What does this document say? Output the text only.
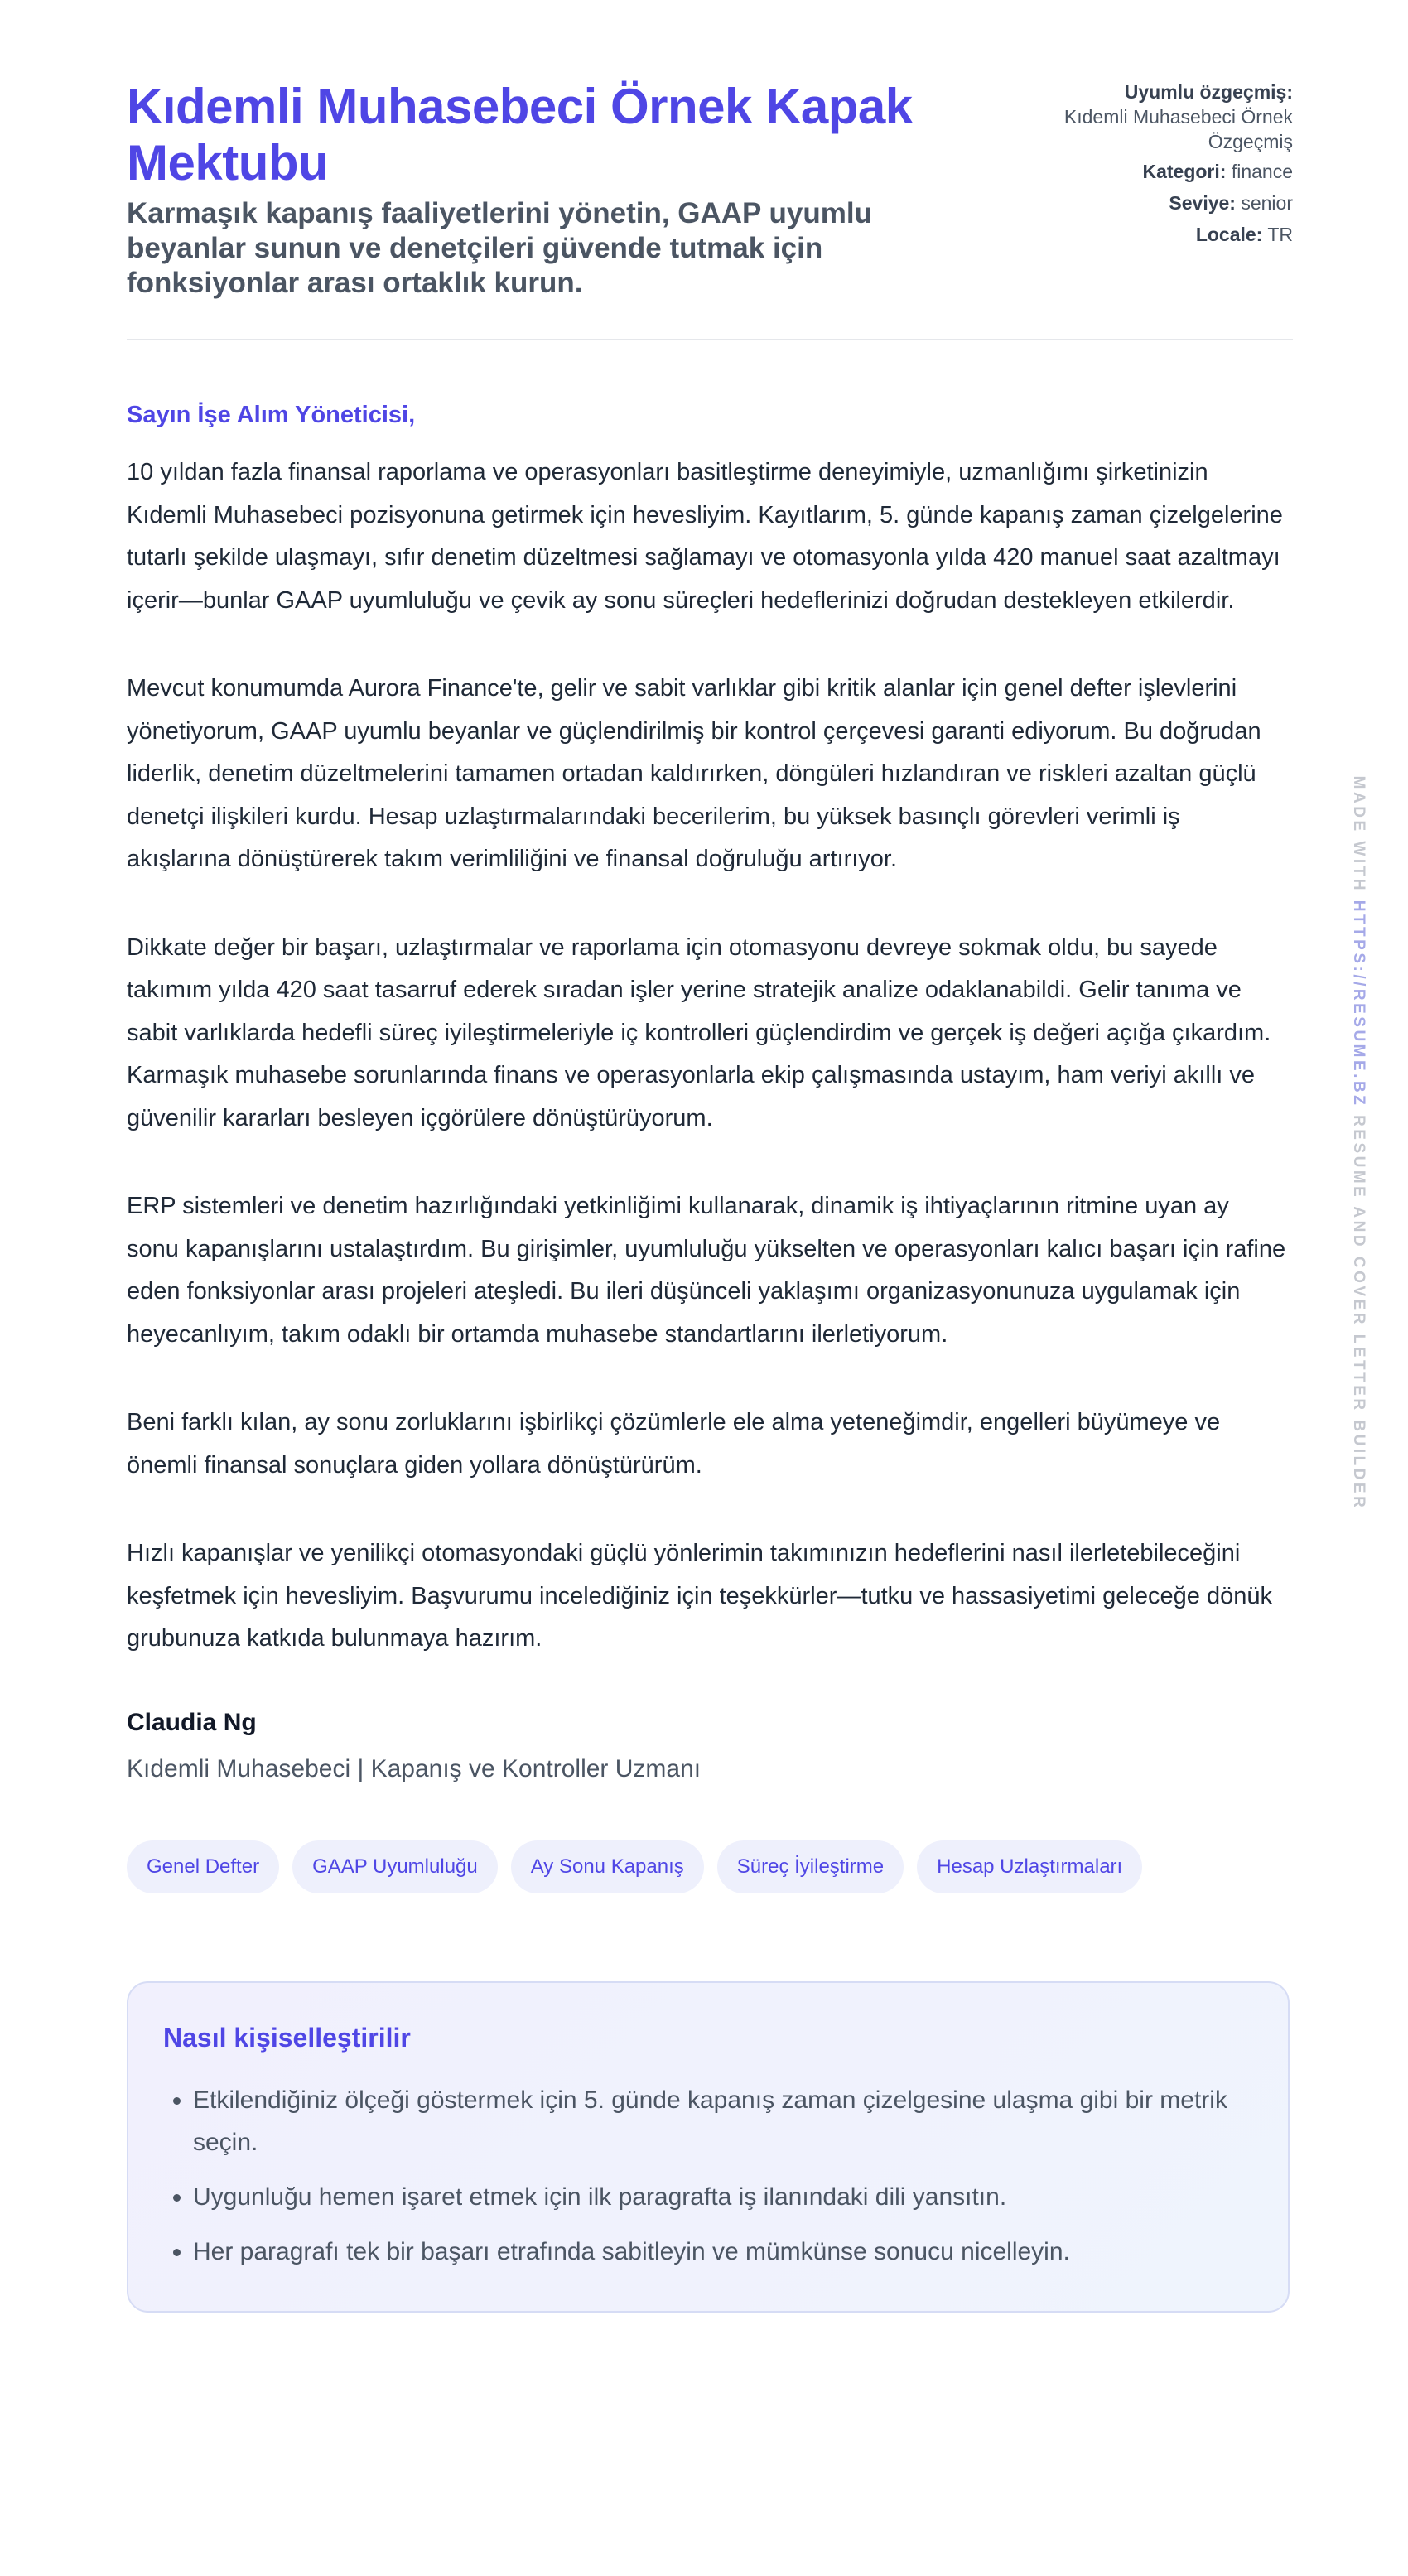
Kıdemli Muhasebeci Örnek Kapak Mektubu

Karmaşık kapanış faaliyetlerini yönetin, GAAP uyumlu beyanlar sunun ve denetçileri güvende tutmak için fonksiyonlar arası ortaklık kurun.

Uyumlu özgeçmiş:
Kıdemli Muhasebeci Örnek Özgeçmiş
Kategori: finance
Seviye: senior
Locale: TR

Sayın İşe Alım Yöneticisi,

10 yıldan fazla finansal raporlama ve operasyonları basitleştirme deneyimiyle, uzmanlığımı şirketinizin Kıdemli Muhasebeci pozisyonuna getirmek için hevesliyim. Kayıtlarım, 5. günde kapanış zaman çizelgelerine tutarlı şekilde ulaşmayı, sıfır denetim düzeltmesi sağlamayı ve otomasyonla yılda 420 manuel saat azaltmayı içerir—bunlar GAAP uyumluluğu ve çevik ay sonu süreçleri hedeflerinizi doğrudan destekleyen etkilerdir.

Mevcut konumumda Aurora Finance'te, gelir ve sabit varlıklar gibi kritik alanlar için genel defter işlevlerini yönetiyorum, GAAP uyumlu beyanlar ve güçlendirilmiş bir kontrol çerçevesi garanti ediyorum. Bu doğrudan liderlik, denetim düzeltmelerini tamamen ortadan kaldırırken, döngüleri hızlandıran ve riskleri azaltan güçlü denetçi ilişkileri kurdu. Hesap uzlaştırmalarındaki becerilerim, bu yüksek basınçlı görevleri verimli iş akışlarına dönüştürerek takım verimliliğini ve finansal doğruluğu artırıyor.

Dikkate değer bir başarı, uzlaştırmalar ve raporlama için otomasyonu devreye sokmak oldu, bu sayede takımım yılda 420 saat tasarruf ederek sıradan işler yerine stratejik analize odaklanabildi. Gelir tanıma ve sabit varlıklarda hedefli süreç iyileştirmeleriyle iç kontrolleri güçlendirdim ve gerçek iş değeri açığa çıkardım. Karmaşık muhasebe sorunlarında finans ve operasyonlarla ekip çalışmasında ustayım, ham veriyi akıllı ve güvenilir kararları besleyen içgörülere dönüştürüyorum.

ERP sistemleri ve denetim hazırlığındaki yetkinliğimi kullanarak, dinamik iş ihtiyaçlarının ritmine uyan ay sonu kapanışlarını ustalaştırdım. Bu girişimler, uyumluluğu yükselten ve operasyonları kalıcı başarı için rafine eden fonksiyonlar arası projeleri ateşledi. Bu ileri düşünceli yaklaşımı organizasyonunuza uygulamak için heyecanlıyım, takım odaklı bir ortamda muhasebe standartlarını ilerletiyorum.

Beni farklı kılan, ay sonu zorluklarını işbirlikçi çözümlerle ele alma yeteneğimdir, engelleri büyümeye ve önemli finansal sonuçlara giden yollara dönüştürürüm.

Hızlı kapanışlar ve yenilikçi otomasyondaki güçlü yönlerimin takımınızın hedeflerini nasıl ilerletebileceğini keşfetmek için hevesliyim. Başvurumu incelediğiniz için teşekkürler—tutku ve hassasiyetimi geleceğe dönük grubunuza katkıda bulunmaya hazırım.

Claudia Ng
Kıdemli Muhasebeci | Kapanış ve Kontroller Uzmanı
Genel Defter	GAAP Uyumluluğu	Ay Sonu Kapanış	Süreç İyileştirme	Hesap Uzlaştırmaları
Nasıl kişiselleştirilir
• Etkilendiğiniz ölçeği göstermek için 5. günde kapanış zaman çizelgesine ulaşma gibi bir metrik seçin.
• Uygunluğu hemen işaret etmek için ilk paragrafta iş ilanındaki dili yansıtın.
• Her paragrafı tek bir başarı etrafında sabitleyin ve mümkünse sonucu nicelleyin.
MADE WITH HTTPS://RESUME.BZ RESUME AND COVER LETTER BUILDER
